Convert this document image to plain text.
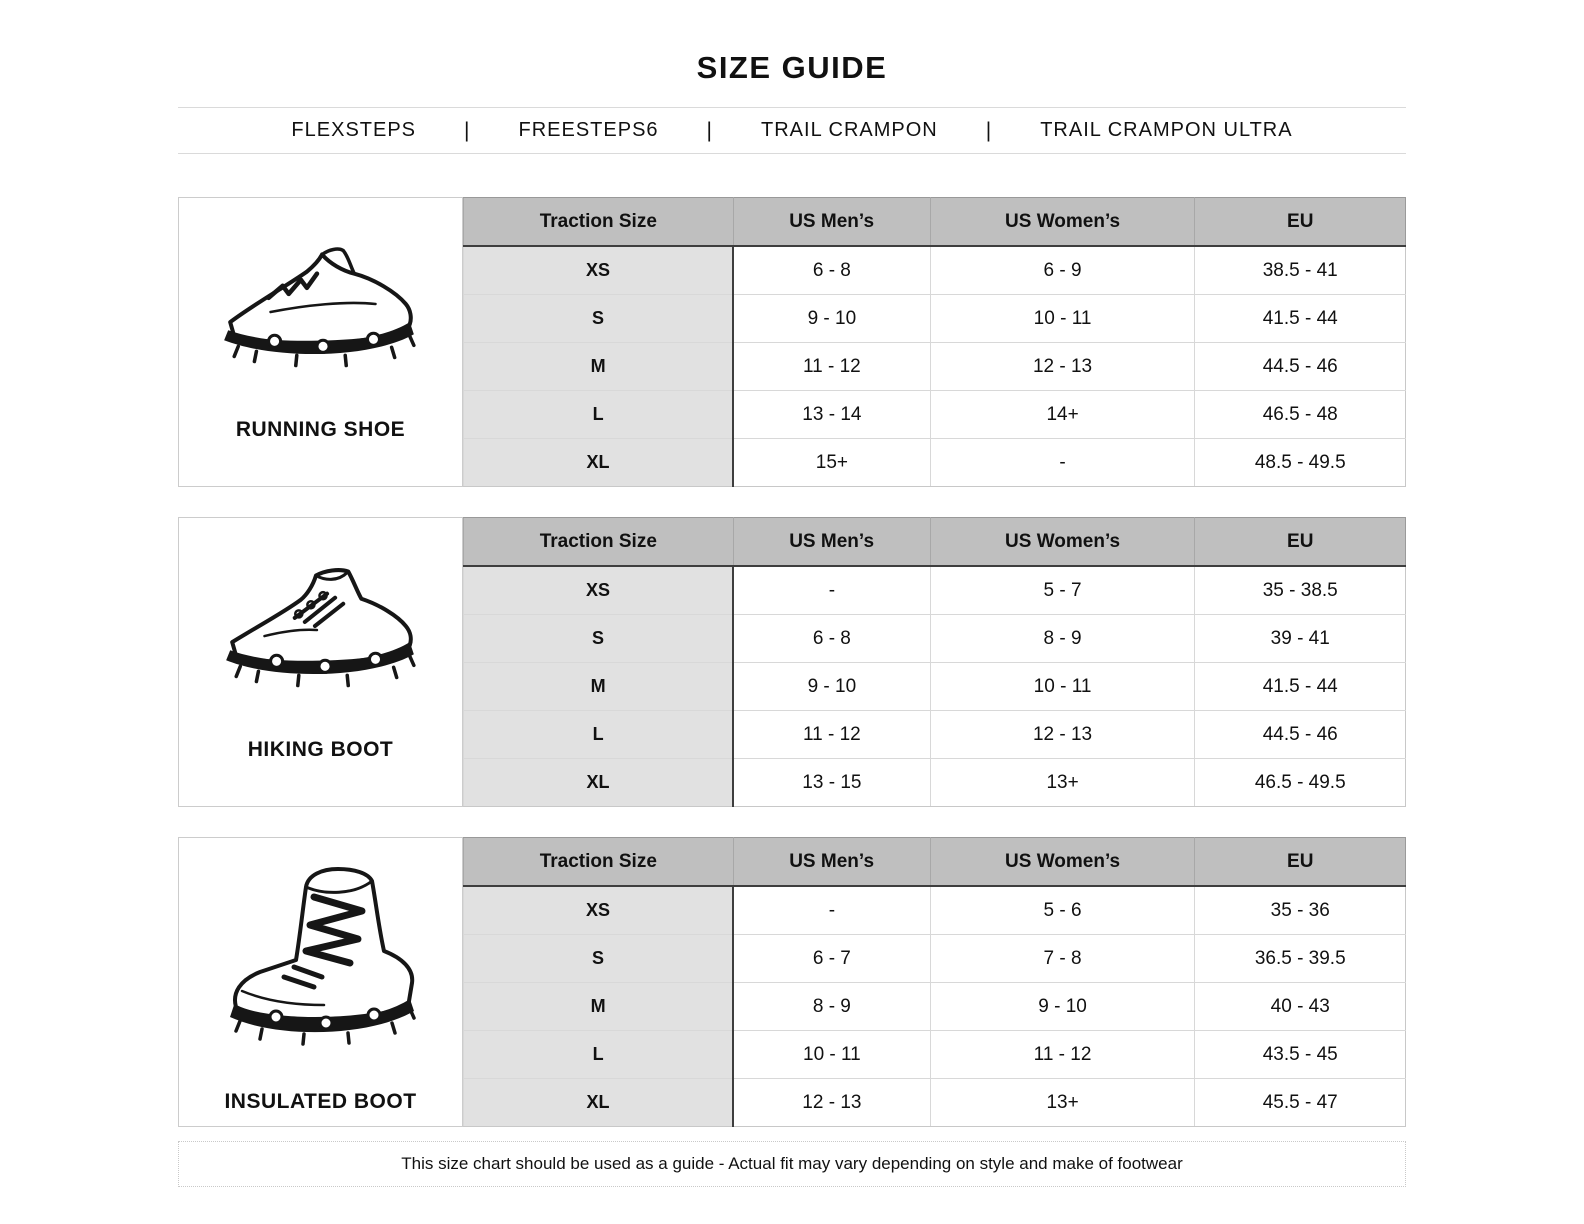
SIZE GUIDE
FLEXSTEPS | FREESTEPS6 | TRAIL CRAMPON | TRAIL CRAMPON ULTRA
RUNNING SHOE
Traction Size	US Men’s	US Women’s	EU
XS	6 - 8	6 - 9	38.5 - 41
S	9 - 10	10 - 11	41.5 - 44
M	11 - 12	12 - 13	44.5 - 46
L	13 - 14	14+	46.5 - 48
XL	15+	-	48.5 - 49.5
HIKING BOOT
Traction Size	US Men’s	US Women’s	EU
XS	-	5 - 7	35 - 38.5
S	6 - 8	8 - 9	39 - 41
M	9 - 10	10 - 11	41.5 - 44
L	11 - 12	12 - 13	44.5 - 46
XL	13 - 15	13+	46.5 - 49.5
INSULATED BOOT
Traction Size	US Men’s	US Women’s	EU
XS	-	5 - 6	35 - 36
S	6 - 7	7 - 8	36.5 - 39.5
M	8 - 9	9 - 10	40 - 43
L	10 - 11	11 - 12	43.5 - 45
XL	12 - 13	13+	45.5 - 47
This size chart should be used as a guide - Actual fit may vary depending on style and make of footwear
